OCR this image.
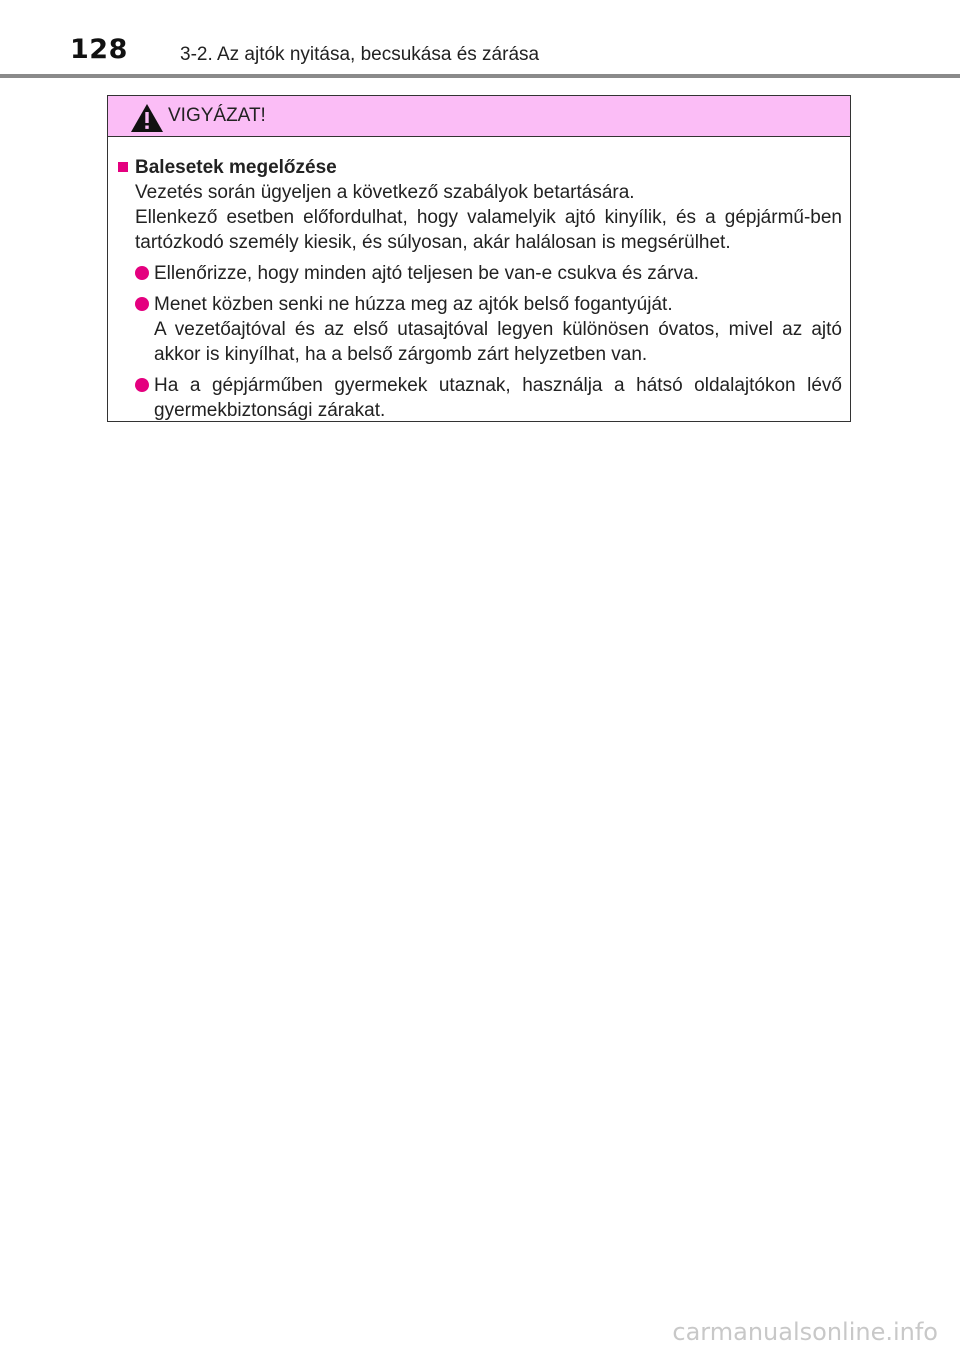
128	3-2. Az ajtók nyitása, becsukása és zárása
VIGYÁZAT!
Balesetek megelőzése
Vezetés során ügyeljen a következő szabályok betartására.
Ellenkező esetben előfordulhat, hogy valamelyik ajtó kinyílik, és a gépjármű-ben tartózkodó személy kiesik, és súlyosan, akár halálosan is megsérülhet.
Ellenőrizze, hogy minden ajtó teljesen be van-e csukva és zárva.
Menet közben senki ne húzza meg az ajtók belső fogantyúját.
A vezetőajtóval és az első utasajtóval legyen különösen óvatos, mivel az ajtó akkor is kinyílhat, ha a belső zárgomb zárt helyzetben van.
Ha a gépjárműben gyermekek utaznak, használja a hátsó oldalajtókon lévő gyermekbiztonsági zárakat.
carmanualsonline.info
